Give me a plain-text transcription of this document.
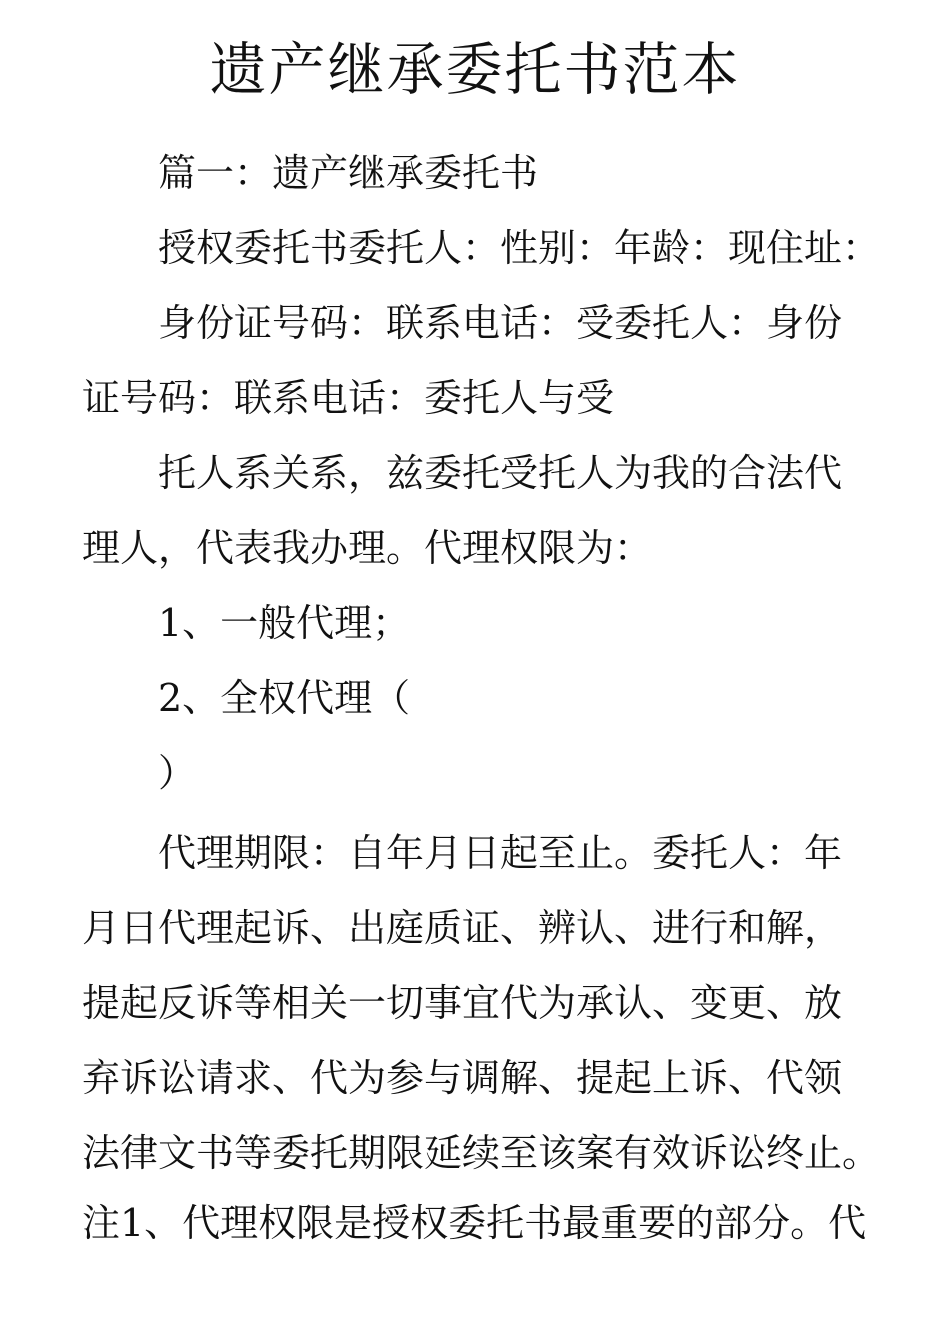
遗产继承委托书范本

篇一：遗产继承委托书

授权委托书委托人：性别：年龄：现住址：

身份证号码：联系电话：受委托人：身份

证号码：联系电话：委托人与受

托人系关系，兹委托受托人为我的合法代

理人，代表我办理。代理权限为：

1、一般代理；

2、全权代理（

）

代理期限：自年月日起至止。委托人：年

月日代理起诉、出庭质证、辨认、进行和解，

提起反诉等相关一切事宜代为承认、变更、放

弃诉讼请求、代为参与调解、提起上诉、代领

法律文书等委托期限延续至该案有效诉讼终止。

注1、代理权限是授权委托书最重要的部分。代
